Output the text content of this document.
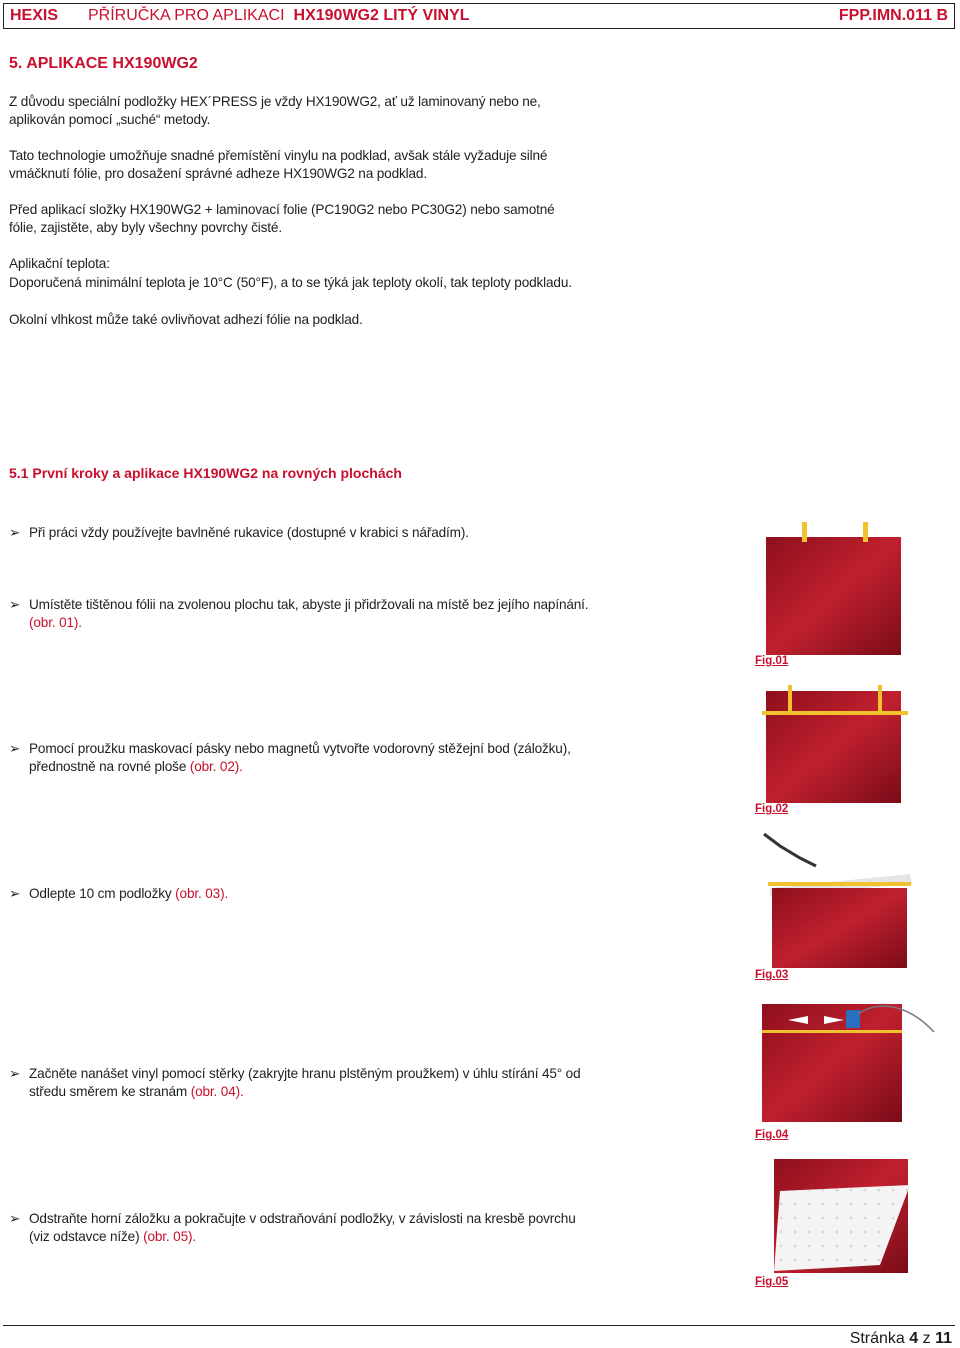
HEXIS	PŘÍRUČKA PRO APLIKACI HX190WG2 LITÝ VINYL	FPP.IMN.011 B
5. APLIKACE HX190WG2
Z důvodu speciální podložky HEX´PRESS je vždy HX190WG2, ať už laminovaný nebo ne,
aplikován pomocí „suché“ metody.
Tato technologie umožňuje snadné přemístění vinylu na podklad, avšak stále vyžaduje silné
vmáčknutí fólie, pro dosažení správné adheze HX190WG2 na podklad.
Před aplikací složky HX190WG2 + laminovací folie (PC190G2 nebo PC30G2) nebo samotné
fólie, zajistěte, aby byly všechny povrchy čisté.
Aplikační teplota:
Doporučená minimální teplota je 10°C (50°F), a to se týká jak teploty okolí, tak teploty podkladu.
Okolní vlhkost může také ovlivňovat adhezi fólie na podklad.
5.1 První kroky a aplikace HX190WG2 na rovných plochách
➢ Při práci vždy používejte bavlněné rukavice (dostupné v krabici s nářadím).
➢ Umístěte tištěnou fólii na zvolenou plochu tak, abyste ji přidržovali na místě bez jejího napínání.
(obr. 01).
➢ Pomocí proužku maskovací pásky nebo magnetů vytvořte vodorovný stěžejní bod (záložku),
přednostně na rovné ploše (obr. 02).
➢ Odlepte 10 cm podložky (obr. 03).
➢ Začněte nanášet vinyl pomocí stěrky (zakryjte hranu plstěným proužkem) v úhlu stírání 45° od
středu směrem ke stranám (obr. 04).
➢ Odstraňte horní záložku a pokračujte v odstraňování podložky, v závislosti na kresbě povrchu
(viz odstavce níže) (obr. 05).
Fig.01
Fig.02
Fig.03
Fig.04
Fig.05
Stránka 4 z 11
